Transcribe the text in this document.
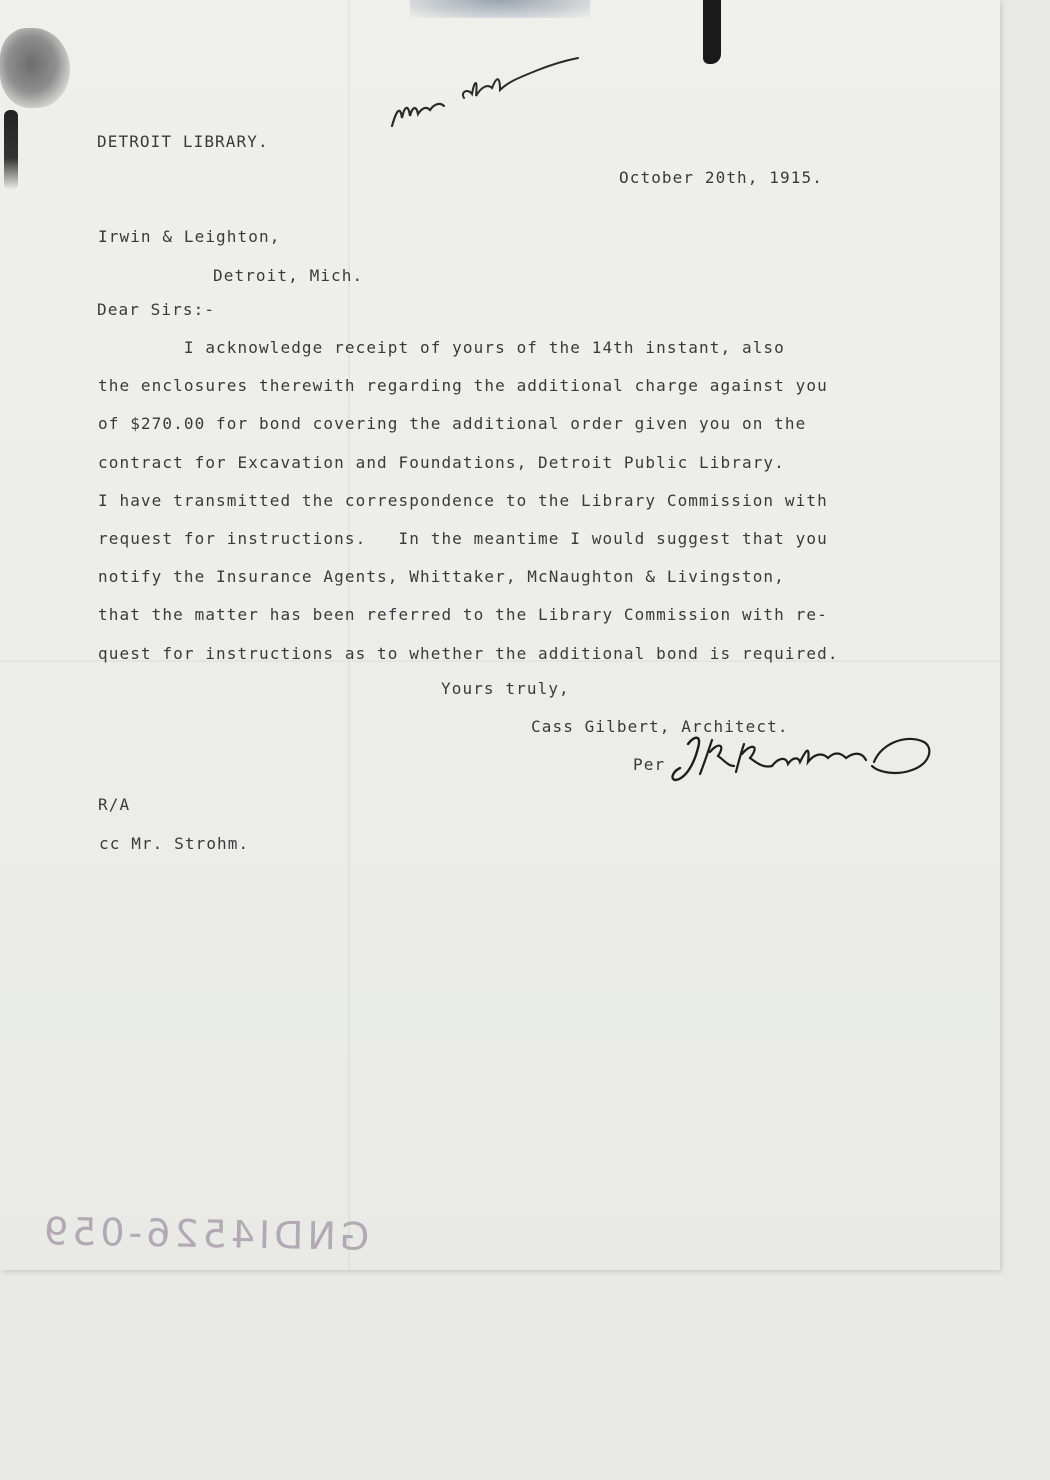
DETROIT LIBRARY.
October 20th, 1915.
Irwin & Leighton,
Detroit, Mich.
Dear Sirs:-
I acknowledge receipt of yours of the 14th instant, also
the enclosures therewith regarding the additional charge against you
of $270.00 for bond covering the additional order given you on the
contract for Excavation and Foundations, Detroit Public Library.
I have transmitted the correspondence to the Library Commission with
request for instructions.   In the meantime I would suggest that you
notify the Insurance Agents, Whittaker, McNaughton & Livingston,
that the matter has been referred to the Library Commission with re-
quest for instructions as to whether the additional bond is required.
Yours truly,
Cass Gilbert, Architect.
Per
R/A
cc Mr. Strohm.
GNDI4526-059
